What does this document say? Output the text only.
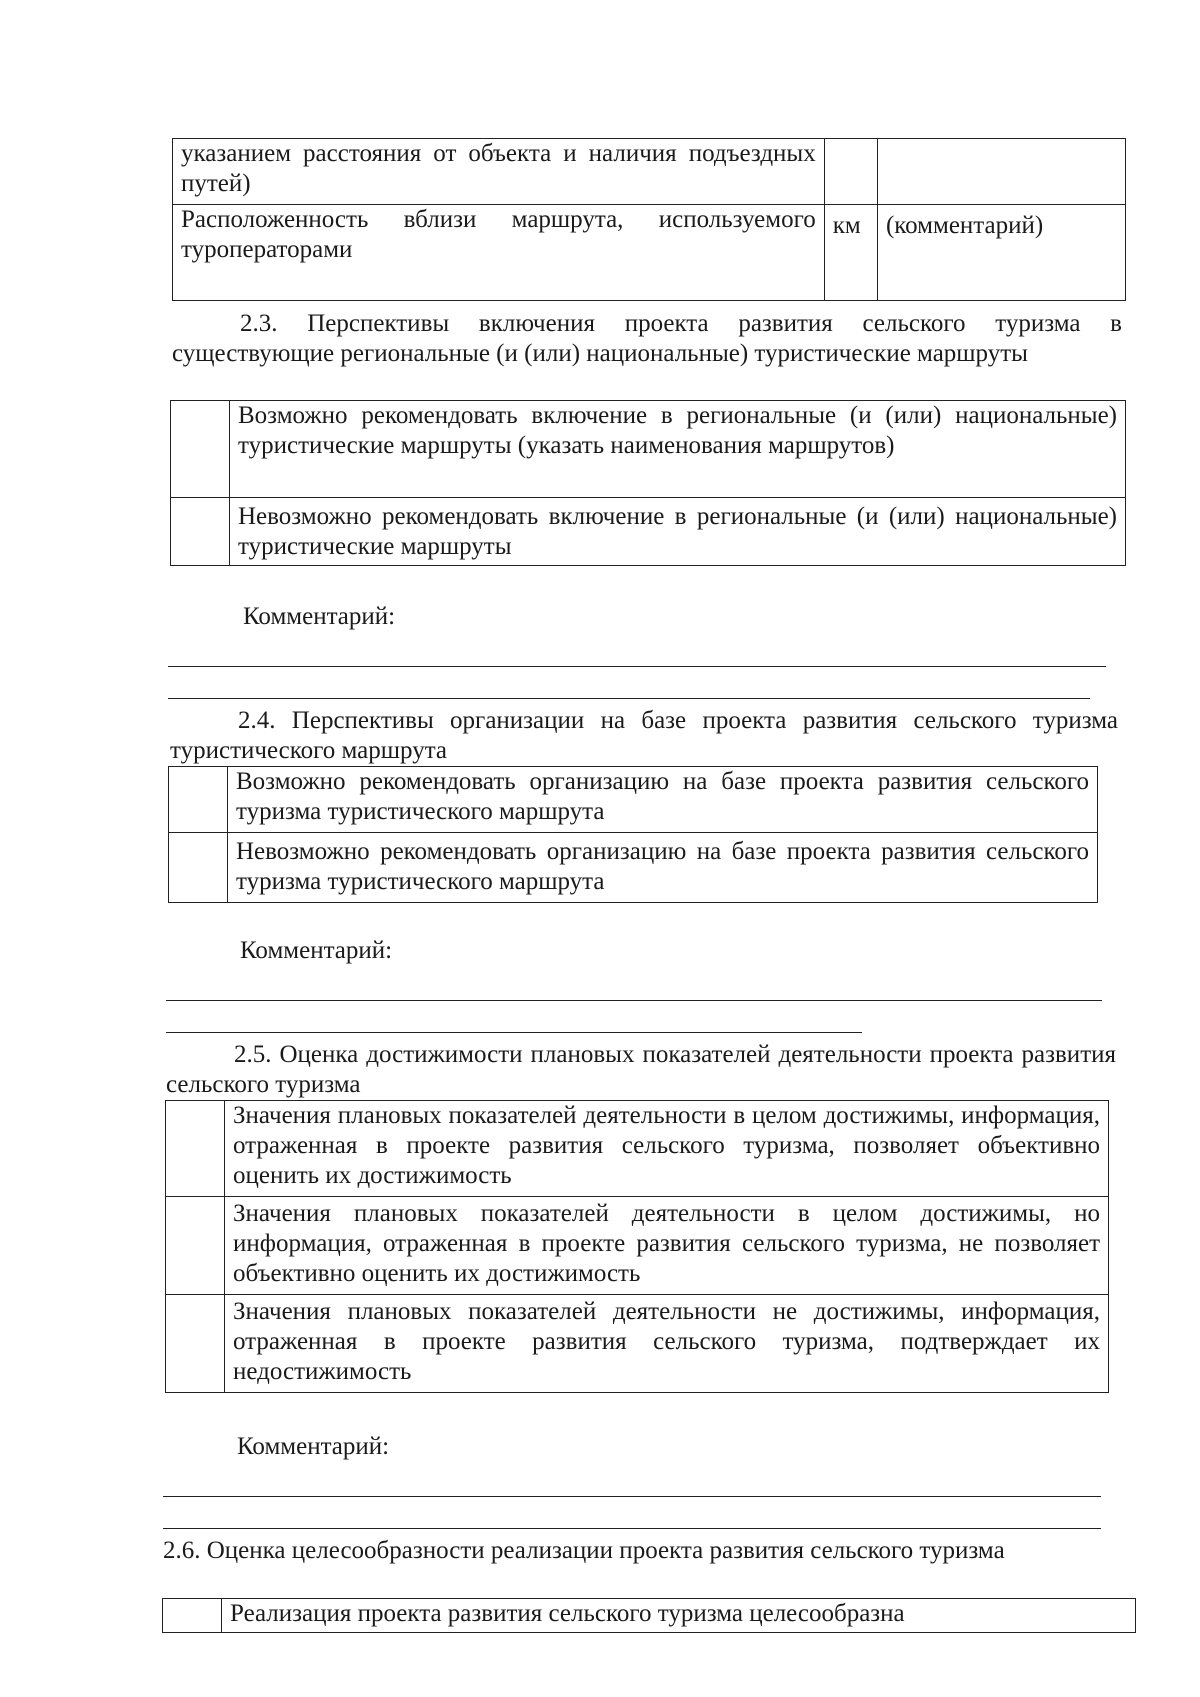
указанием расстояния от объекта и наличия подъездных путей)		
Расположенность вблизи маршрута, используемого туроператорами	км	(комментарий)
2.3. Перспективы включения проекта развития сельского туризма в существующие региональные (и (или) национальные) туристические маршруты
	Возможно рекомендовать включение в региональные (и (или) национальные) туристические маршруты (указать наименования маршрутов)
	Невозможно рекомендовать включение в региональные (и (или) национальные) туристические маршруты
Комментарий:
2.4. Перспективы организации на базе проекта развития сельского туризма туристического маршрута
	Возможно рекомендовать организацию на базе проекта развития сельского туризма туристического маршрута
	Невозможно рекомендовать организацию на базе проекта развития сельского туризма туристического маршрута
Комментарий:
2.5. Оценка достижимости плановых показателей деятельности проекта развития сельского туризма
	Значения плановых показателей деятельности в целом достижимы, информация, отраженная в проекте развития сельского туризма, позволяет объективно оценить их достижимость
	Значения плановых показателей деятельности в целом достижимы, но информация, отраженная в проекте развития сельского туризма, не позволяет объективно оценить их достижимость
	Значения плановых показателей деятельности не достижимы, информация, отраженная в проекте развития сельского туризма, подтверждает их недостижимость
Комментарий:
2.6. Оценка целесообразности реализации проекта развития сельского туризма
	Реализация проекта развития сельского туризма целесообразна
